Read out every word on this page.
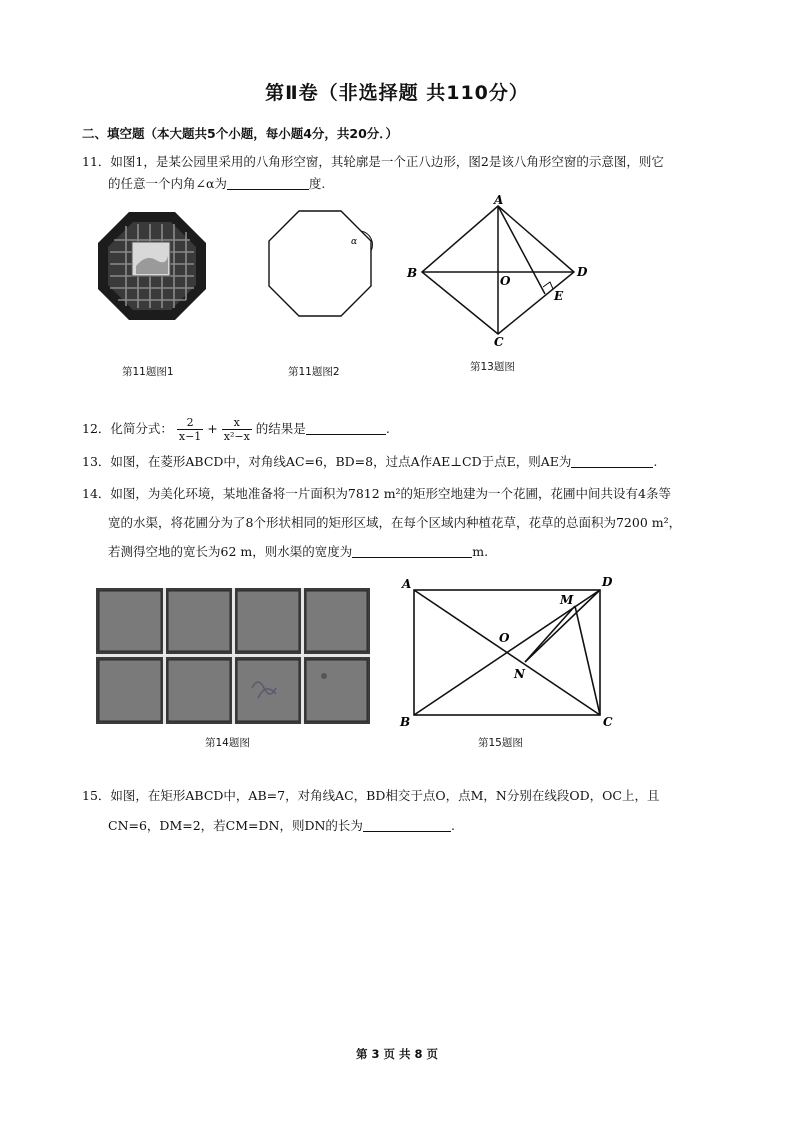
第Ⅱ卷（非选择题 共110分）
二、填空题（本大题共5个小题，每小题4分，共20分．）
11．如图1，是某公园里采用的八角形空窗，其轮廓是一个正八边形，图2是该八角形空窗的示意图，则它
的任意一个内角∠α为	度.
第11题图1
α
第11题图2
A
B
C
D
O
E
第13题图
12．化简分式： $\frac{2}{x-1} + \frac{x}{\text{x²−x}}$ 的结果是	.
13．如图，在菱形ABCD中，对角线AC=6，BD=8，过点A作AE⊥CD于点E，则AE为	.
14．如图，为美化环境，某地准备将一片面积为7812 m²的矩形空地建为一个花圃，花圃中间共设有4条等
宽的水渠，将花圃分为了8个形状相同的矩形区域，在每个区域内种植花草，花草的总面积为7200 m²，
若测得空地的宽长为62 m，则水渠的宽度为	m.
第14题图
A
B	C
D
O
M
N
第15题图
15．如图，在矩形ABCD中，AB=7，对角线AC，BD相交于点O，点M，N分别在线段OD，OC上，且
CN=6，DM=2，若CM=DN，则DN的长为	.
第 3 页 共 8 页
